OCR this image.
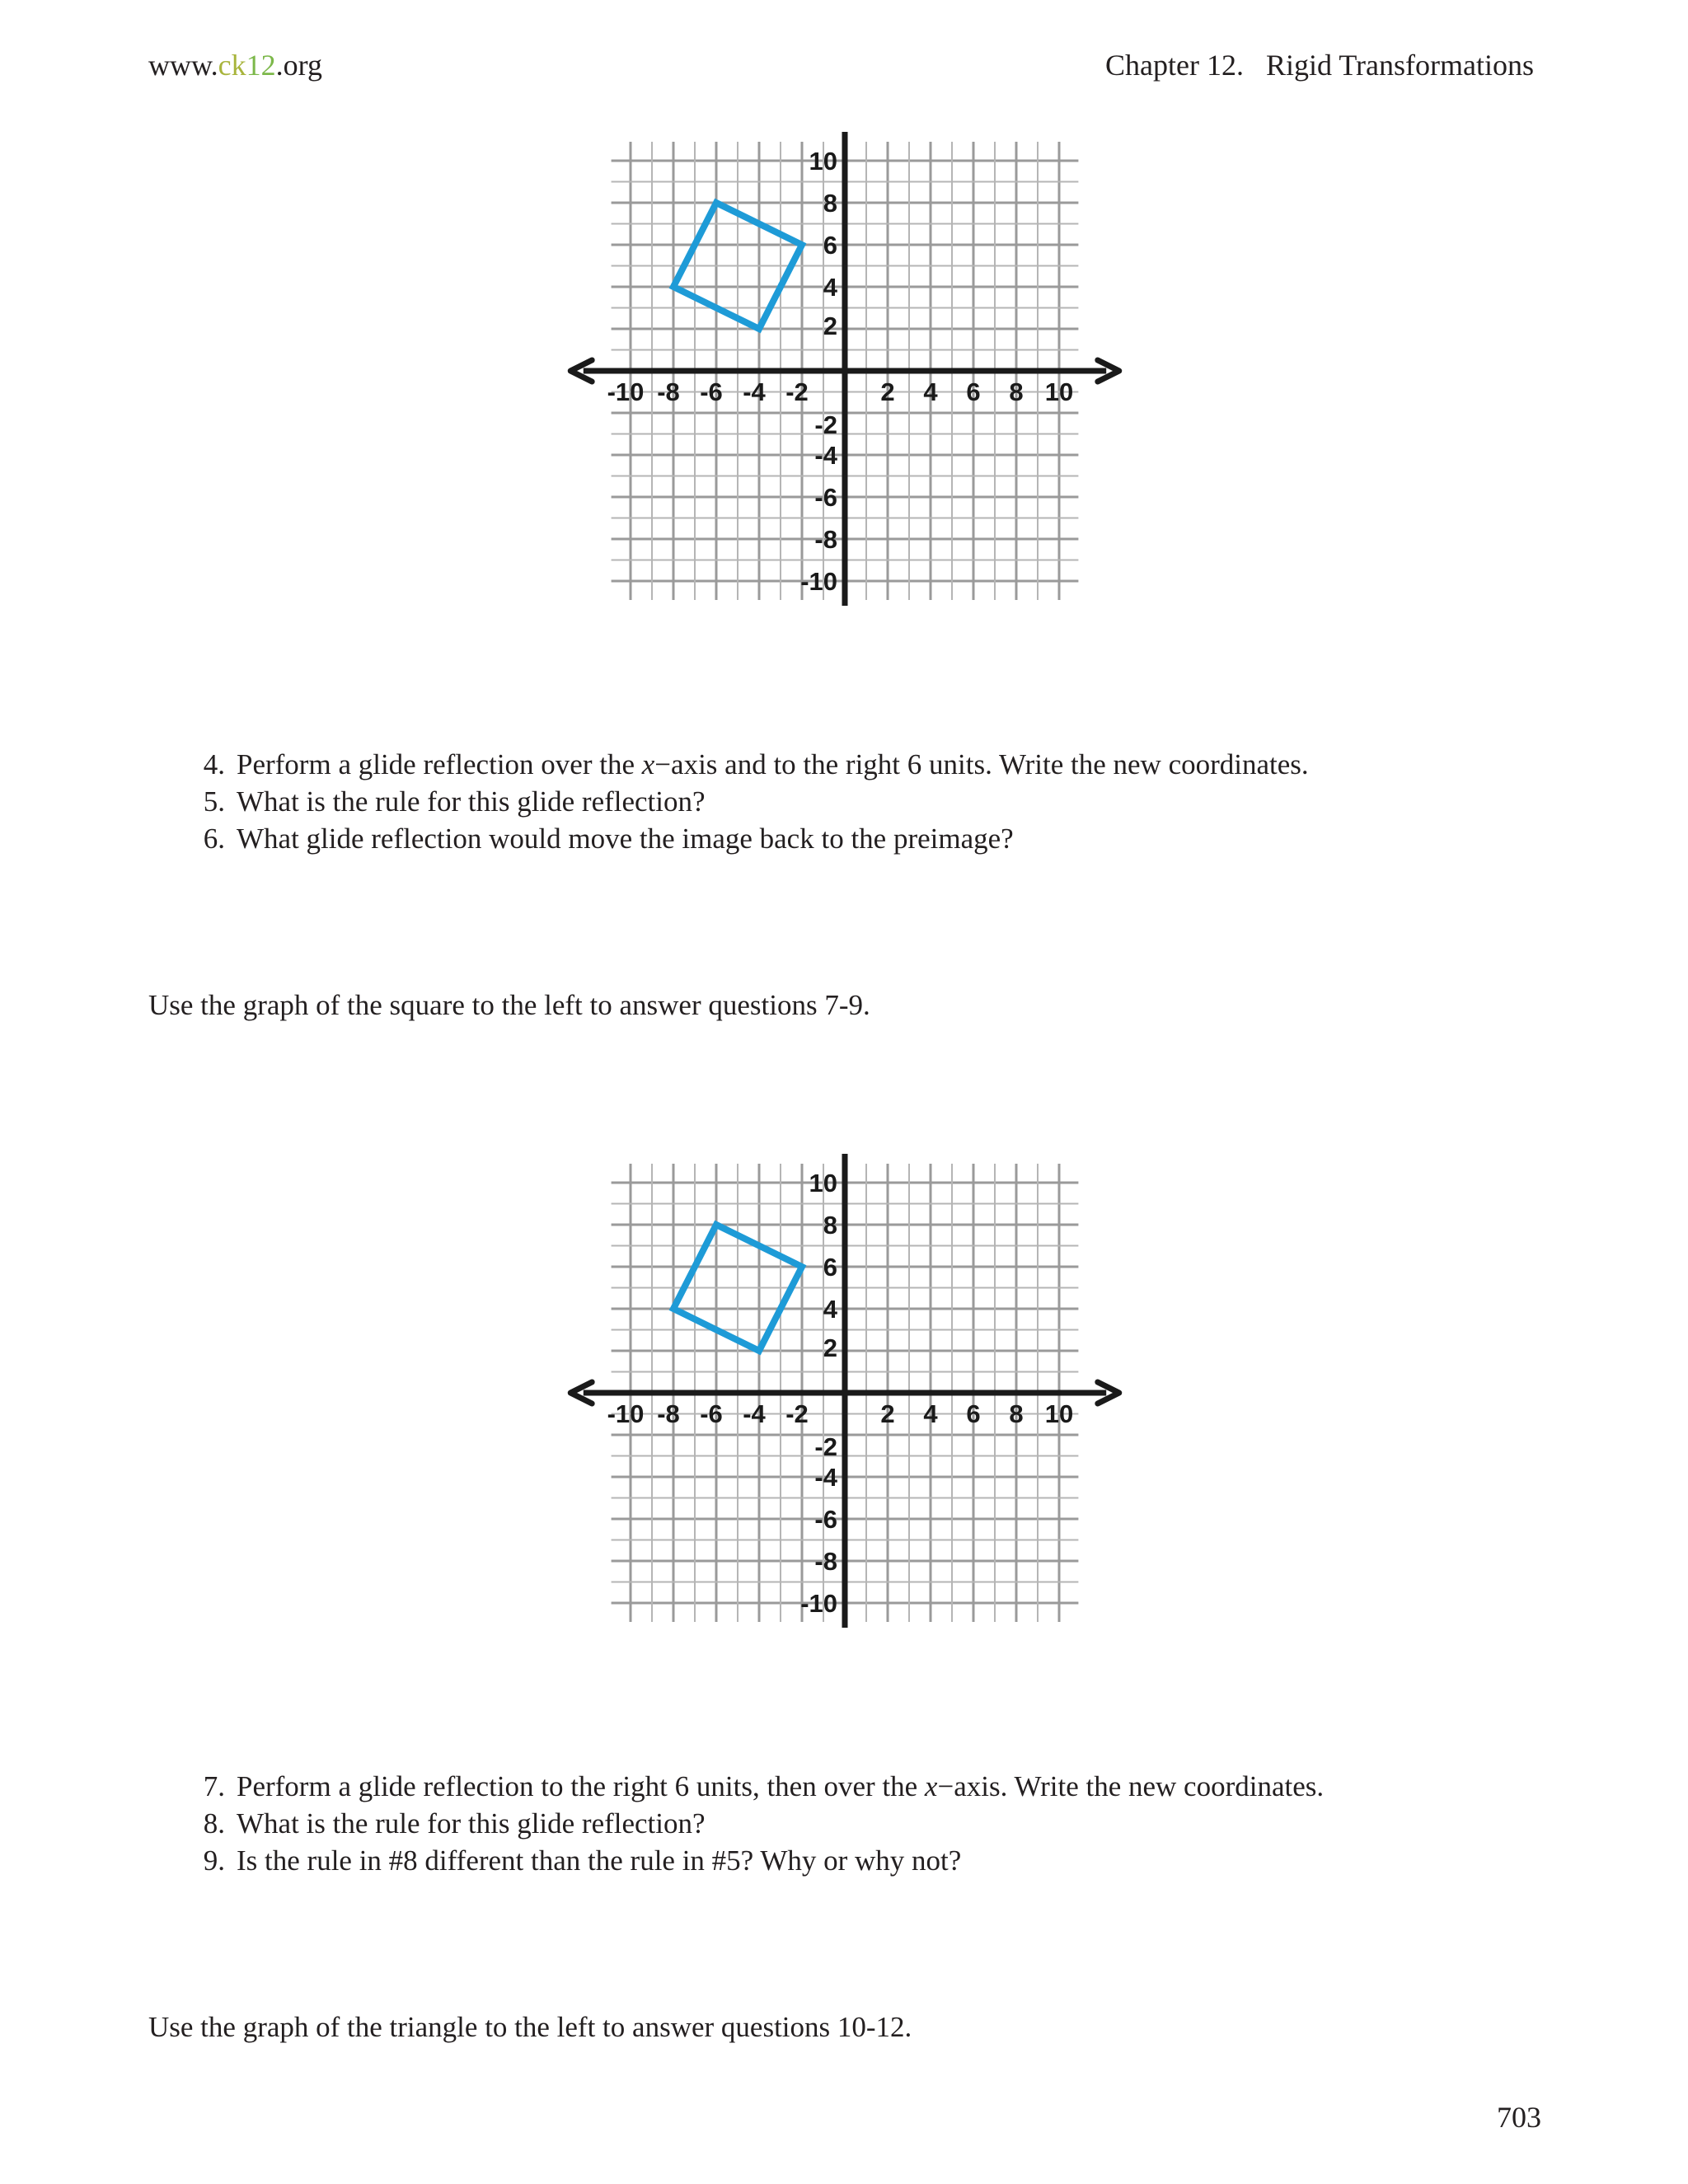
www.ck12.org	Chapter 12.   Rigid Transformations
-10 -8 -6 -4 -2	2 4 6 8 10
10
8
6
4
2
-2
-4
-6
-8
-10
4. Perform a glide reflection over the x−axis and to the right 6 units. Write the new coordinates.
5. What is the rule for this glide reflection?
6. What glide reflection would move the image back to the preimage?
Use the graph of the square to the left to answer questions 7-9.
-10 -8 -6 -4 -2	2 4 6 8 10
10
8
6
4
2
-2
-4
-6
-8
-10
7. Perform a glide reflection to the right 6 units, then over the x−axis. Write the new coordinates.
8. What is the rule for this glide reflection?
9. Is the rule in #8 different than the rule in #5? Why or why not?
Use the graph of the triangle to the left to answer questions 10-12.
703
